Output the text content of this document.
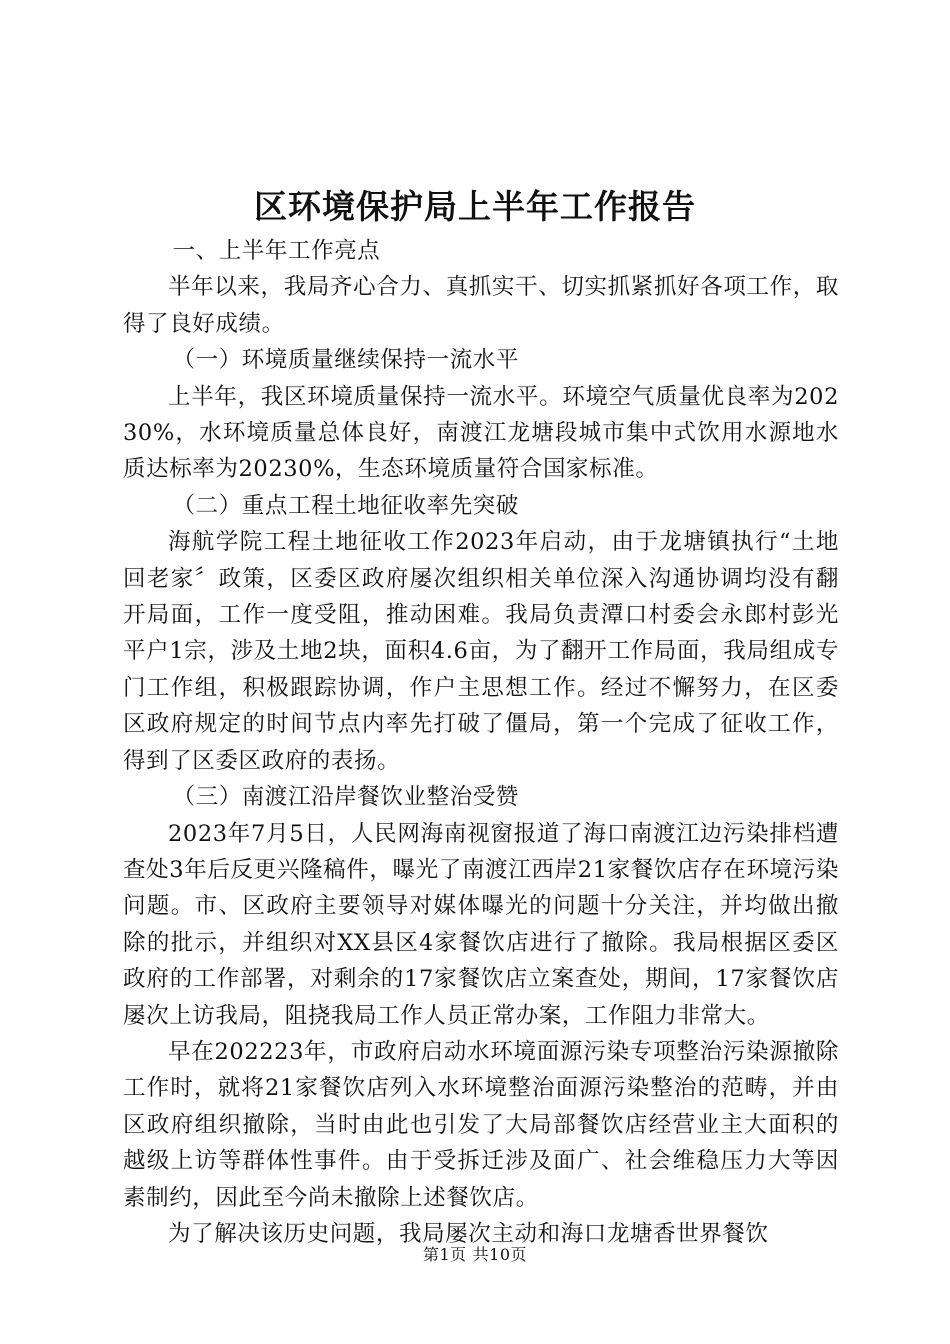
区环境保护局上半年工作报告

一、上半年工作亮点

半年以来，我局齐心合力、真抓实干、切实抓紧抓好各项工作，取得了良好成绩。

（一）环境质量继续保持一流水平

上半年，我区环境质量保持一流水平。环境空气质量优良率为20230%，水环境质量总体良好，南渡江龙塘段城市集中式饮用水源地水质达标率为20230%，生态环境质量符合国家标准。

（二）重点工程土地征收率先突破

海航学院工程土地征收工作2023年启动，由于龙塘镇执行“土地回老家〞政策，区委区政府屡次组织相关单位深入沟通协调均没有翻开局面，工作一度受阻，推动困难。我局负责潭口村委会永郎村彭光平户1宗，涉及土地2块，面积4.6亩，为了翻开工作局面，我局组成专门工作组，积极跟踪协调，作户主思想工作。经过不懈努力，在区委区政府规定的时间节点内率先打破了僵局，第一个完成了征收工作，得到了区委区政府的表扬。

（三）南渡江沿岸餐饮业整治受赞

2023年7月5日，人民网海南视窗报道了海口南渡江边污染排档遭查处3年后反更兴隆稿件，曝光了南渡江西岸21家餐饮店存在环境污染问题。市、区政府主要领导对媒体曝光的问题十分关注，并均做出撤除的批示，并组织对XX县区4家餐饮店进行了撤除。我局根据区委区政府的工作部署，对剩余的17家餐饮店立案查处，期间，17家餐饮店屡次上访我局，阻挠我局工作人员正常办案，工作阻力非常大。

早在202223年，市政府启动水环境面源污染专项整治污染源撤除工作时，就将21家餐饮店列入水环境整治面源污染整治的范畴，并由区政府组织撤除，当时由此也引发了大局部餐饮店经营业主大面积的越级上访等群体性事件。由于受拆迁涉及面广、社会维稳压力大等因素制约，因此至今尚未撤除上述餐饮店。

为了解决该历史问题，我局屡次主动和海口龙塘香世界餐饮

第1页 共10页
